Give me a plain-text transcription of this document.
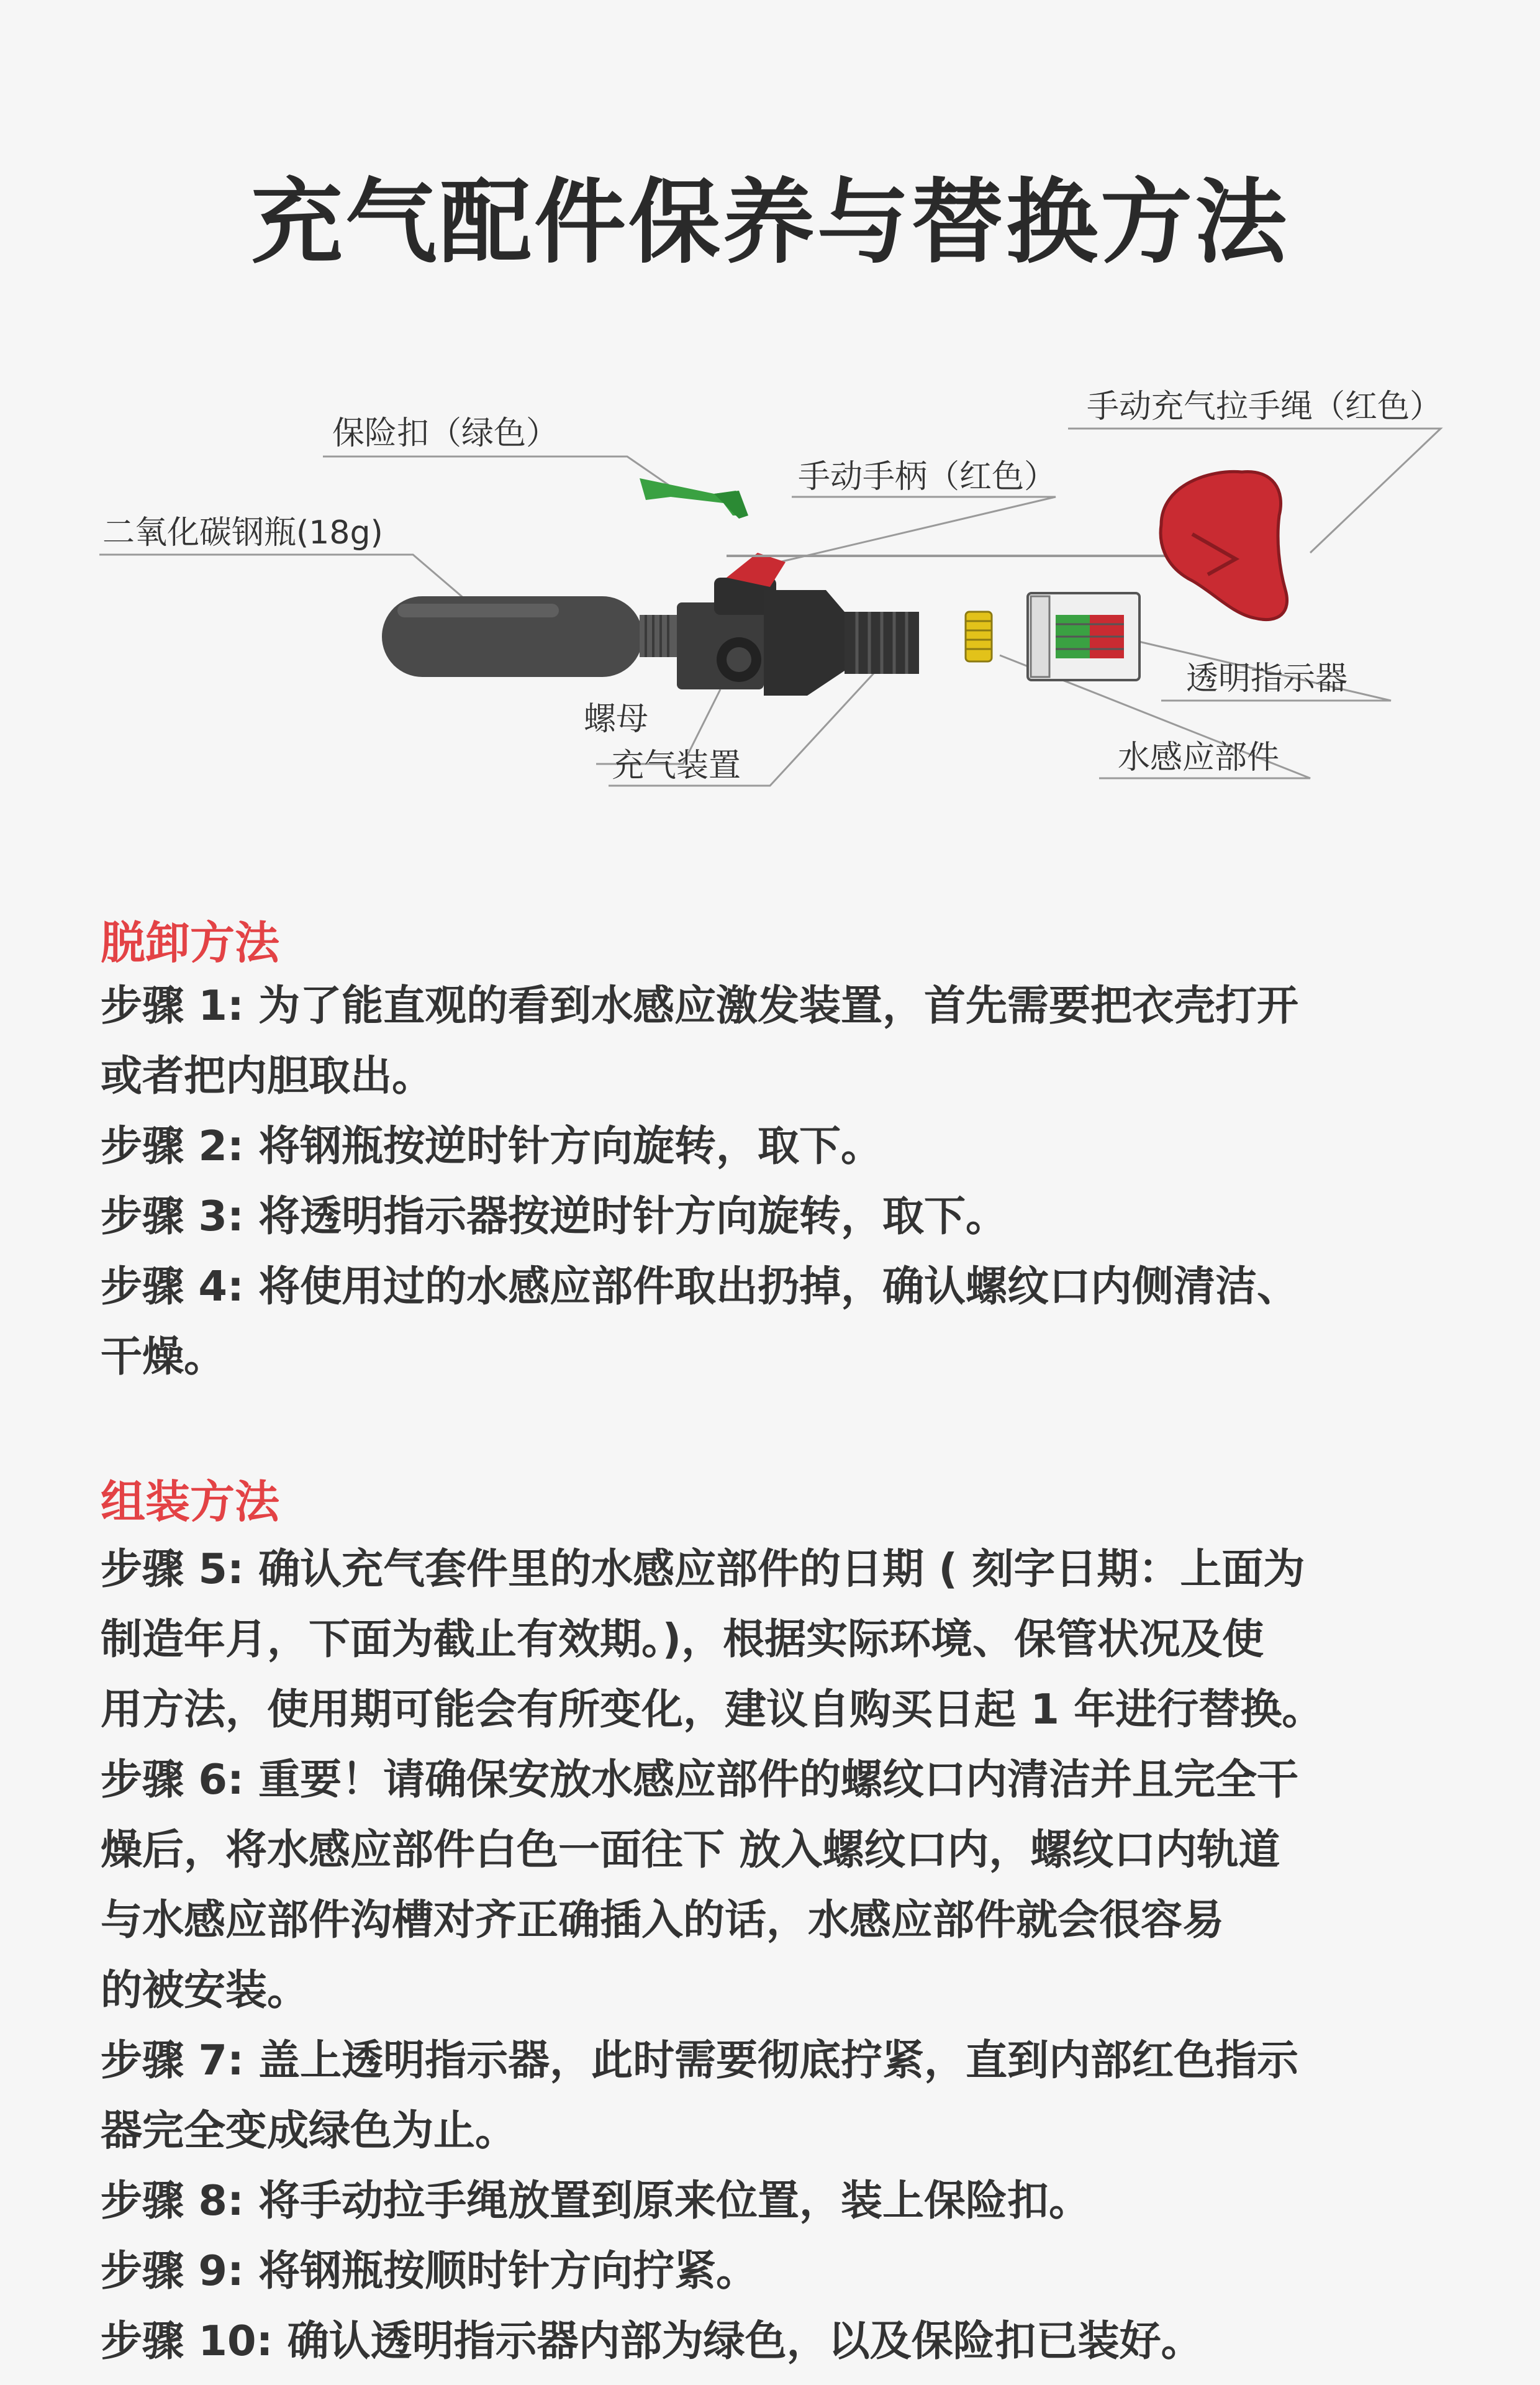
充气配件保养与替换方法
保险扣（绿色）
手动手柄（红色）
手动充气拉手绳（红色）
二氧化碳钢瓶(18g)
螺母
充气装置
透明指示器
水感应部件
脱卸方法
步骤 1: 为了能直观的看到水感应激发装置，首先需要把衣壳打开
或者把内胆取出。
步骤 2: 将钢瓶按逆时针方向旋转，取下。
步骤 3: 将透明指示器按逆时针方向旋转，取下。
步骤 4: 将使用过的水感应部件取出扔掉，确认螺纹口内侧清洁、
干燥。
组装方法
步骤 5: 确认充气套件里的水感应部件的日期 ( 刻字日期：上面为
制造年月，下面为截止有效期。)，根据实际环境、保管状况及使
用方法，使用期可能会有所变化，建议自购买日起 1 年进行替换。
步骤 6: 重要！请确保安放水感应部件的螺纹口内清洁并且完全干
燥后，将水感应部件白色一面往下 放入螺纹口内，螺纹口内轨道
与水感应部件沟槽对齐正确插入的话，水感应部件就会很容易
的被安装。
步骤 7: 盖上透明指示器，此时需要彻底拧紧，直到内部红色指示
器完全变成绿色为止。
步骤 8: 将手动拉手绳放置到原来位置，装上保险扣。
步骤 9: 将钢瓶按顺时针方向拧紧。
步骤 10: 确认透明指示器内部为绿色，以及保险扣已装好。
